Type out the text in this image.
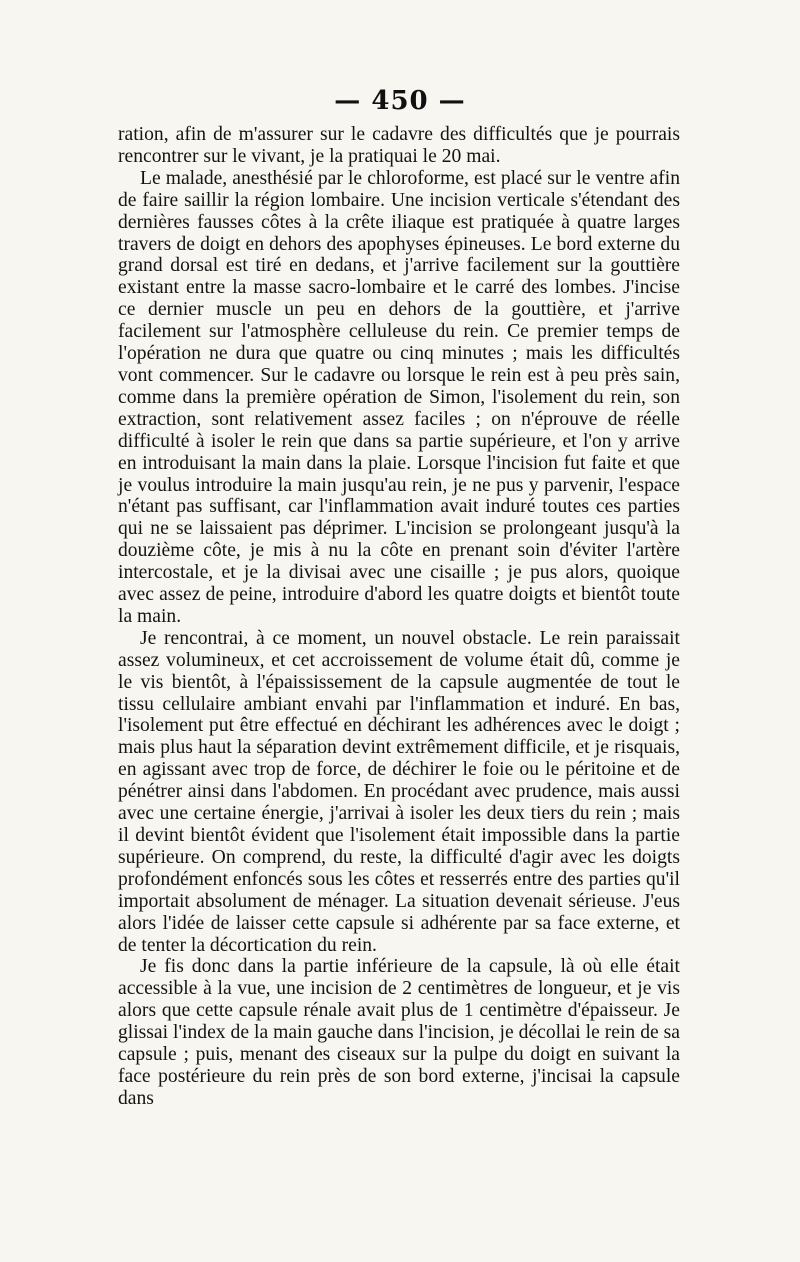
— 450 —

ration, afin de m'assurer sur le cadavre des difficultés que je pourrais rencontrer sur le vivant, je la pratiquai le 20 mai.

Le malade, anesthésié par le chloroforme, est placé sur le ventre afin de faire saillir la région lombaire. Une incision verticale s'étendant des dernières fausses côtes à la crête iliaque est pratiquée à quatre larges travers de doigt en dehors des apophyses épineuses. Le bord externe du grand dorsal est tiré en dedans, et j'arrive facilement sur la gouttière existant entre la masse sacro-lombaire et le carré des lombes. J'incise ce dernier muscle un peu en dehors de la gouttière, et j'arrive facilement sur l'atmosphère celluleuse du rein. Ce premier temps de l'opération ne dura que quatre ou cinq minutes ; mais les difficultés vont commencer. Sur le cadavre ou lorsque le rein est à peu près sain, comme dans la première opération de Simon, l'isolement du rein, son extraction, sont relativement assez faciles ; on n'éprouve de réelle difficulté à isoler le rein que dans sa partie supérieure, et l'on y arrive en introduisant la main dans la plaie. Lorsque l'incision fut faite et que je voulus introduire la main jusqu'au rein, je ne pus y parvenir, l'espace n'étant pas suffisant, car l'inflammation avait induré toutes ces parties qui ne se laissaient pas déprimer. L'incision se prolongeant jusqu'à la douzième côte, je mis à nu la côte en prenant soin d'éviter l'artère intercostale, et je la divisai avec une cisaille ; je pus alors, quoique avec assez de peine, introduire d'abord les quatre doigts et bientôt toute la main.

Je rencontrai, à ce moment, un nouvel obstacle. Le rein paraissait assez volumineux, et cet accroissement de volume était dû, comme je le vis bientôt, à l'épaississement de la capsule augmentée de tout le tissu cellulaire ambiant envahi par l'inflammation et induré. En bas, l'isolement put être effectué en déchirant les adhérences avec le doigt ; mais plus haut la séparation devint extrêmement difficile, et je risquais, en agissant avec trop de force, de déchirer le foie ou le péritoine et de pénétrer ainsi dans l'abdomen. En procédant avec prudence, mais aussi avec une certaine énergie, j'arrivai à isoler les deux tiers du rein ; mais il devint bientôt évident que l'isolement était impossible dans la partie supérieure. On comprend, du reste, la difficulté d'agir avec les doigts profondément enfoncés sous les côtes et resserrés entre des parties qu'il importait absolument de ménager. La situation devenait sérieuse. J'eus alors l'idée de laisser cette capsule si adhérente par sa face externe, et de tenter la décortication du rein.

Je fis donc dans la partie inférieure de la capsule, là où elle était accessible à la vue, une incision de 2 centimètres de longueur, et je vis alors que cette capsule rénale avait plus de 1 centimètre d'épaisseur. Je glissai l'index de la main gauche dans l'incision, je décollai le rein de sa capsule ; puis, menant des ciseaux sur la pulpe du doigt en suivant la face postérieure du rein près de son bord externe, j'incisai la capsule dans
